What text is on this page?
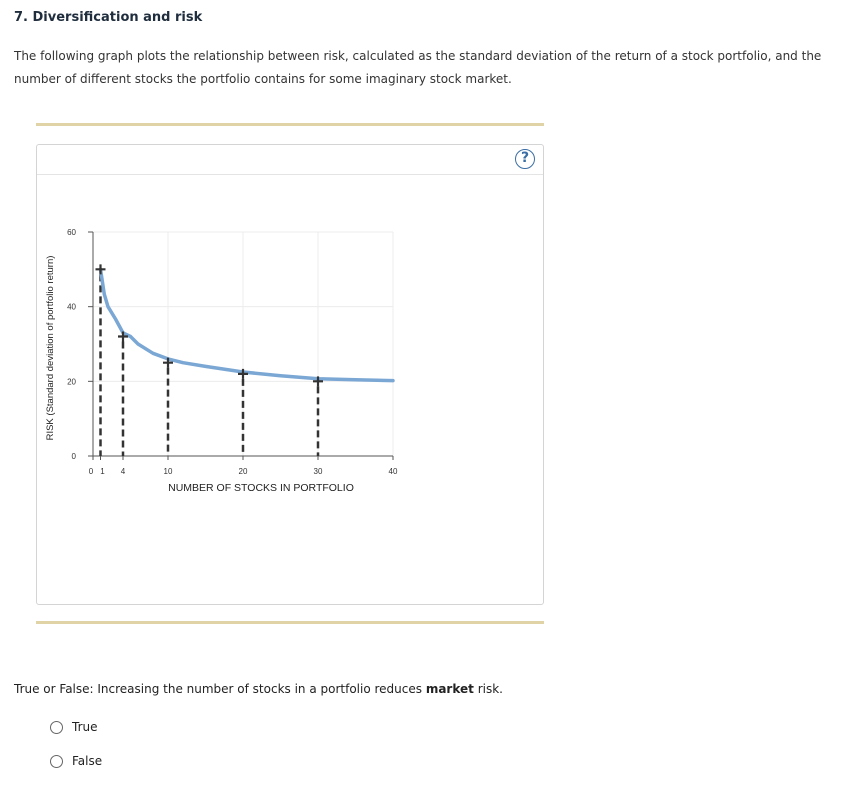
7. Diversification and risk
The following graph plots the relationship between risk, calculated as the standard deviation of the return of a stock portfolio, and the number of different stocks the portfolio contains for some imaginary stock market.
?
0
20
40
60
0 1 4	10	20	30	40
NUMBER OF STOCKS IN PORTFOLIO
RISK (Standard deviation of portfolio return)
True or False: Increasing the number of stocks in a portfolio reduces market risk.
True
False
